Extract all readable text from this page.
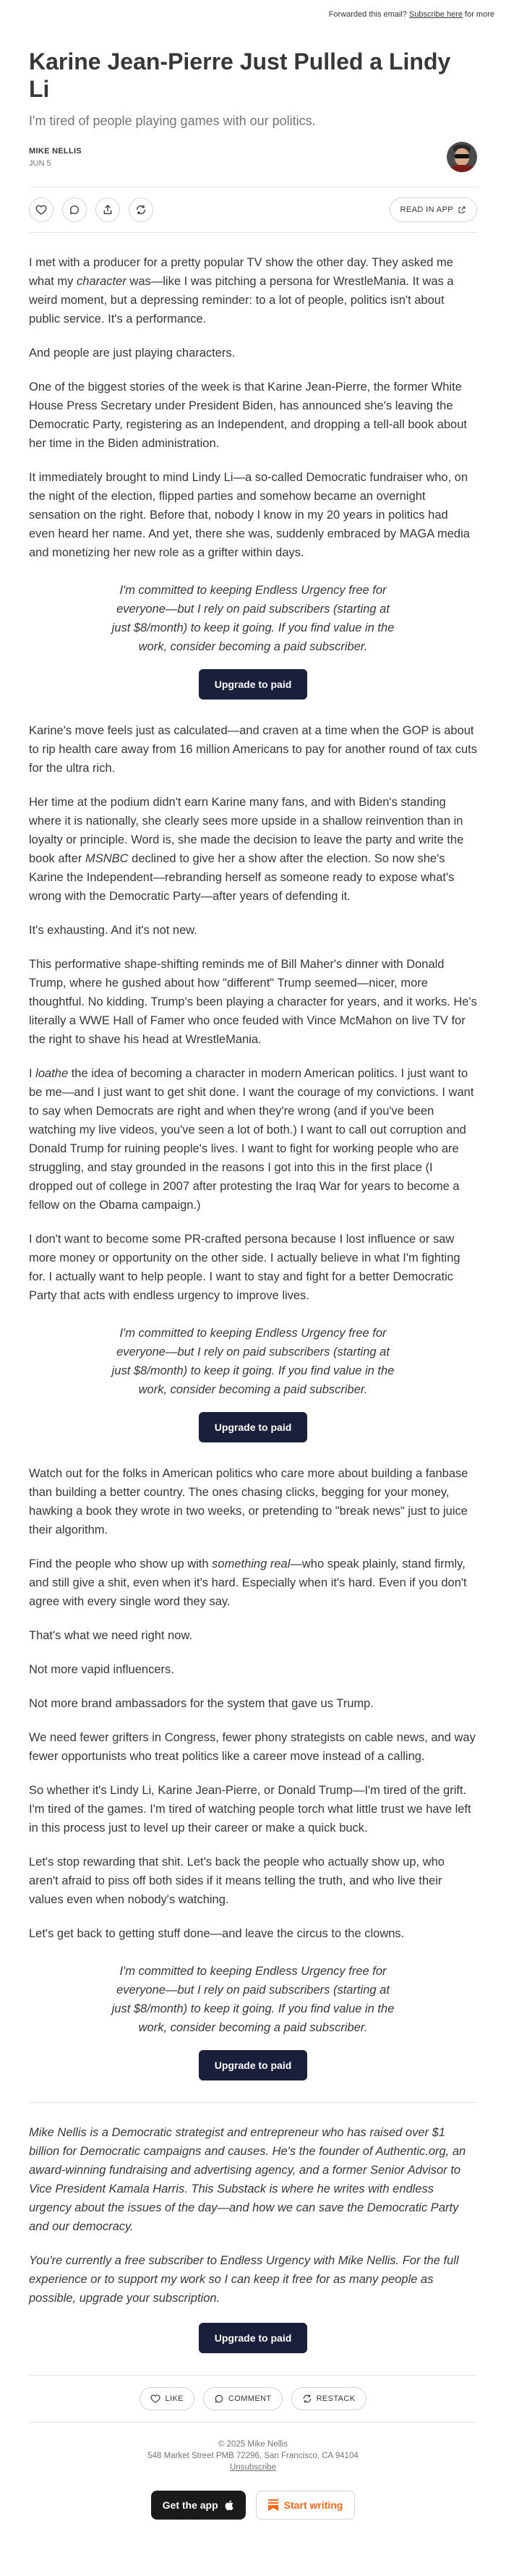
Forwarded this email?
Subscribe here
for more
Karine Jean-Pierre Just Pulled a Lindy Li
I'm tired of people playing games with our politics.
MIKE NELLIS
JUN 5
READ IN APP

I met with a producer for a pretty popular TV show the other day. They asked me what my character was—like I was pitching a persona for WrestleMania. It was a weird moment, but a depressing reminder: to a lot of people, politics isn't about public service. It's a performance.

And people are just playing characters.

One of the biggest stories of the week is that Karine Jean-Pierre, the former White House Press Secretary under President Biden, has announced she's leaving the Democratic Party, registering as an Independent, and dropping a tell-all book about her time in the Biden administration.

It immediately brought to mind Lindy Li—a so-called Democratic fundraiser who, on the night of the election, flipped parties and somehow became an overnight sensation on the right. Before that, nobody I know in my 20 years in politics had even heard her name. And yet, there she was, suddenly embraced by MAGA media and monetizing her new role as a grifter within days.

I'm committed to keeping Endless Urgency free for everyone—but I rely on paid subscribers (starting at just $8/month) to keep it going. If you find value in the work, consider becoming a paid subscriber.
Upgrade to paid

Karine's move feels just as calculated—and craven at a time when the GOP is about to rip health care away from 16 million Americans to pay for another round of tax cuts for the ultra rich.

Her time at the podium didn't earn Karine many fans, and with Biden's standing where it is nationally, she clearly sees more upside in a shallow reinvention than in loyalty or principle. Word is, she made the decision to leave the party and write the book after MSNBC declined to give her a show after the election. So now she's Karine the Independent—rebranding herself as someone ready to expose what's wrong with the Democratic Party—after years of defending it.

It's exhausting. And it's not new.

This performative shape-shifting reminds me of Bill Maher's dinner with Donald Trump, where he gushed about how "different" Trump seemed—nicer, more thoughtful. No kidding. Trump's been playing a character for years, and it works. He's literally a WWE Hall of Famer who once feuded with Vince McMahon on live TV for the right to shave his head at WrestleMania.

I loathe the idea of becoming a character in modern American politics. I just want to be me—and I just want to get shit done. I want the courage of my convictions. I want to say when Democrats are right and when they're wrong (and if you've been watching my live videos, you've seen a lot of both.) I want to call out corruption and Donald Trump for ruining people's lives. I want to fight for working people who are struggling, and stay grounded in the reasons I got into this in the first place (I dropped out of college in 2007 after protesting the Iraq War for years to become a fellow on the Obama campaign.)

I don't want to become some PR-crafted persona because I lost influence or saw more money or opportunity on the other side. I actually believe in what I'm fighting for. I actually want to help people. I want to stay and fight for a better Democratic Party that acts with endless urgency to improve lives.

I'm committed to keeping Endless Urgency free for everyone—but I rely on paid subscribers (starting at just $8/month) to keep it going. If you find value in the work, consider becoming a paid subscriber.
Upgrade to paid

Watch out for the folks in American politics who care more about building a fanbase than building a better country. The ones chasing clicks, begging for your money, hawking a book they wrote in two weeks, or pretending to "break news" just to juice their algorithm.

Find the people who show up with something real—who speak plainly, stand firmly, and still give a shit, even when it's hard. Especially when it's hard. Even if you don't agree with every single word they say.

That's what we need right now.

Not more vapid influencers.

Not more brand ambassadors for the system that gave us Trump.

We need fewer grifters in Congress, fewer phony strategists on cable news, and way fewer opportunists who treat politics like a career move instead of a calling.

So whether it's Lindy Li, Karine Jean-Pierre, or Donald Trump—I'm tired of the grift. I'm tired of the games. I'm tired of watching people torch what little trust we have left in this process just to level up their career or make a quick buck.

Let's stop rewarding that shit. Let's back the people who actually show up, who aren't afraid to piss off both sides if it means telling the truth, and who live their values even when nobody's watching.

Let's get back to getting stuff done—and leave the circus to the clowns.

I'm committed to keeping Endless Urgency free for everyone—but I rely on paid subscribers (starting at just $8/month) to keep it going. If you find value in the work, consider becoming a paid subscriber.
Upgrade to paid

Mike Nellis is a Democratic strategist and entrepreneur who has raised over $1 billion for Democratic campaigns and causes. He's the founder of Authentic.org, an award-winning fundraising and advertising agency, and a former Senior Advisor to Vice President Kamala Harris. This Substack is where he writes with endless urgency about the issues of the day—and how we can save the Democratic Party and our democracy.

You're currently a free subscriber to Endless Urgency with Mike Nellis. For the full experience or to support my work so I can keep it free for as many people as possible, upgrade your subscription.

Upgrade to paid
LIKE	COMMENT	RESTACK
© 2025 Mike Nellis
548 Market Street PMB 72296, San Francisco, CA 94104
Unsubscribe
Get the app	Start writing
